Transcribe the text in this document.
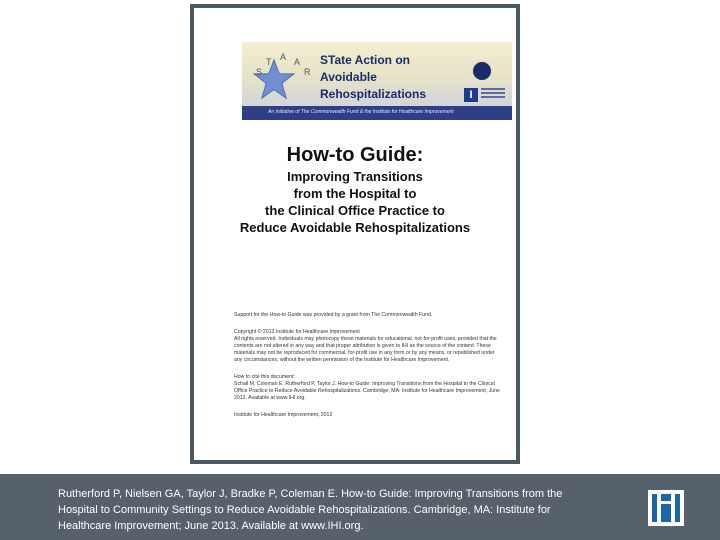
S
T A A
R
STate Action on
Avoidable
Rehospitalizations	I
An Initiative of The Commonwealth Fund & the Institute for Healthcare Improvement
How-to Guide:
Improving Transitions
from the Hospital to
the Clinical Office Practice to
Reduce Avoidable Rehospitalizations

Support for the How-to Guide was provided by a grant from The Commonwealth Fund.

Copyright © 2012 Institute for Healthcare Improvement

All rights reserved. Individuals may photocopy these materials for educational, not-for-profit uses, provided that the contents are not altered in any way and that proper attribution is given to IHI as the source of the content. These materials may not be reproduced for commercial, for-profit use in any form or by any means, or republished under any circumstances, without the written permission of the Institute for Healthcare Improvement.

How to cite this document:

Schall M, Coleman E, Rutherford P, Taylor J. How-to Guide: Improving Transitions from the Hospital to the Clinical Office Practice to Reduce Avoidable Rehospitalizations. Cambridge, MA: Institute for Healthcare Improvement; June 2012. Available at www.IHI.org.

Institute for Healthcare Improvement, 2012

Rutherford P, Nielsen GA, Taylor J, Bradke P, Coleman E. How-to Guide: Improving Transitions from the
Hospital to Community Settings to Reduce Avoidable Rehospitalizations. Cambridge, MA: Institute for
Healthcare Improvement; June 2013. Available at www.IHI.org.
